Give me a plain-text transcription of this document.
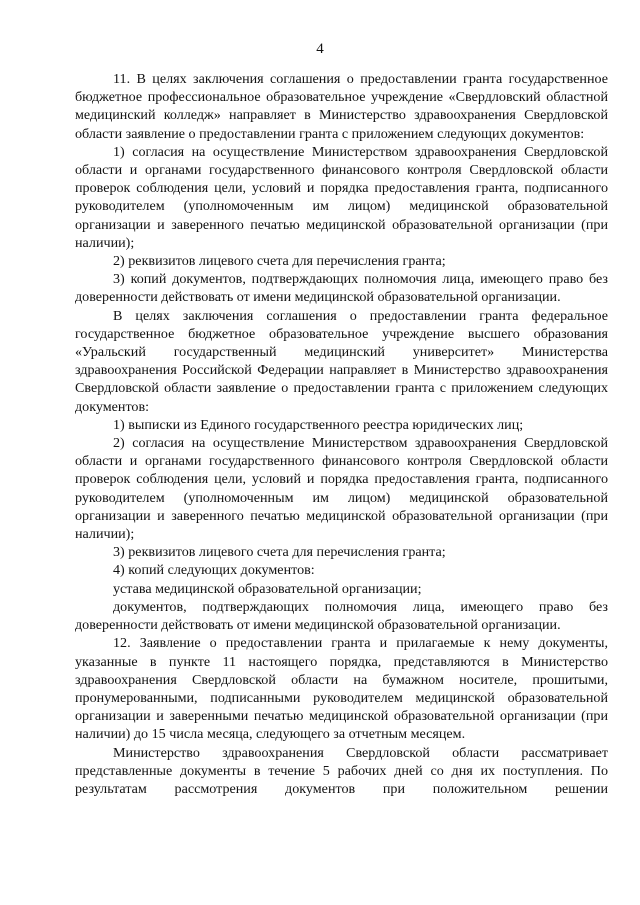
4

11. В целях заключения соглашения о предоставлении гранта государственное бюджетное профессиональное образовательное учреждение «Свердловский областной медицинский колледж» направляет в Министерство здравоохранения Свердловской области заявление о предоставлении гранта с приложением следующих документов:

1) согласия на осуществление Министерством здравоохранения Свердловской области и органами государственного финансового контроля Свердловской области проверок соблюдения цели, условий и порядка предоставления гранта, подписанного руководителем (уполномоченным им лицом) медицинской образовательной организации и заверенного печатью медицинской образовательной организации (при наличии);

2) реквизитов лицевого счета для перечисления гранта;

3) копий документов, подтверждающих полномочия лица, имеющего право без доверенности действовать от имени медицинской образовательной организации.

В целях заключения соглашения о предоставлении гранта федеральное государственное бюджетное образовательное учреждение высшего образования «Уральский государственный медицинский университет» Министерства здравоохранения Российской Федерации направляет в Министерство здравоохранения Свердловской области заявление о предоставлении гранта с приложением следующих документов:

1) выписки из Единого государственного реестра юридических лиц;

2) согласия на осуществление Министерством здравоохранения Свердловской области и органами государственного финансового контроля Свердловской области проверок соблюдения цели, условий и порядка предоставления гранта, подписанного руководителем (уполномоченным им лицом) медицинской образовательной организации и заверенного печатью медицинской образовательной организации (при наличии);

3) реквизитов лицевого счета для перечисления гранта;

4) копий следующих документов:

устава медицинской образовательной организации;

документов, подтверждающих полномочия лица, имеющего право без доверенности действовать от имени медицинской образовательной организации.

12. Заявление о предоставлении гранта и прилагаемые к нему документы, указанные в пункте 11 настоящего порядка, представляются в Министерство здравоохранения Свердловской области на бумажном носителе, прошитыми, пронумерованными, подписанными руководителем медицинской образовательной организации и заверенными печатью медицинской образовательной организации (при наличии) до 15 числа месяца, следующего за отчетным месяцем.

Министерство здравоохранения Свердловской области рассматривает представленные документы в течение 5 рабочих дней со дня их поступления. По результатам рассмотрения документов при положительном решении
